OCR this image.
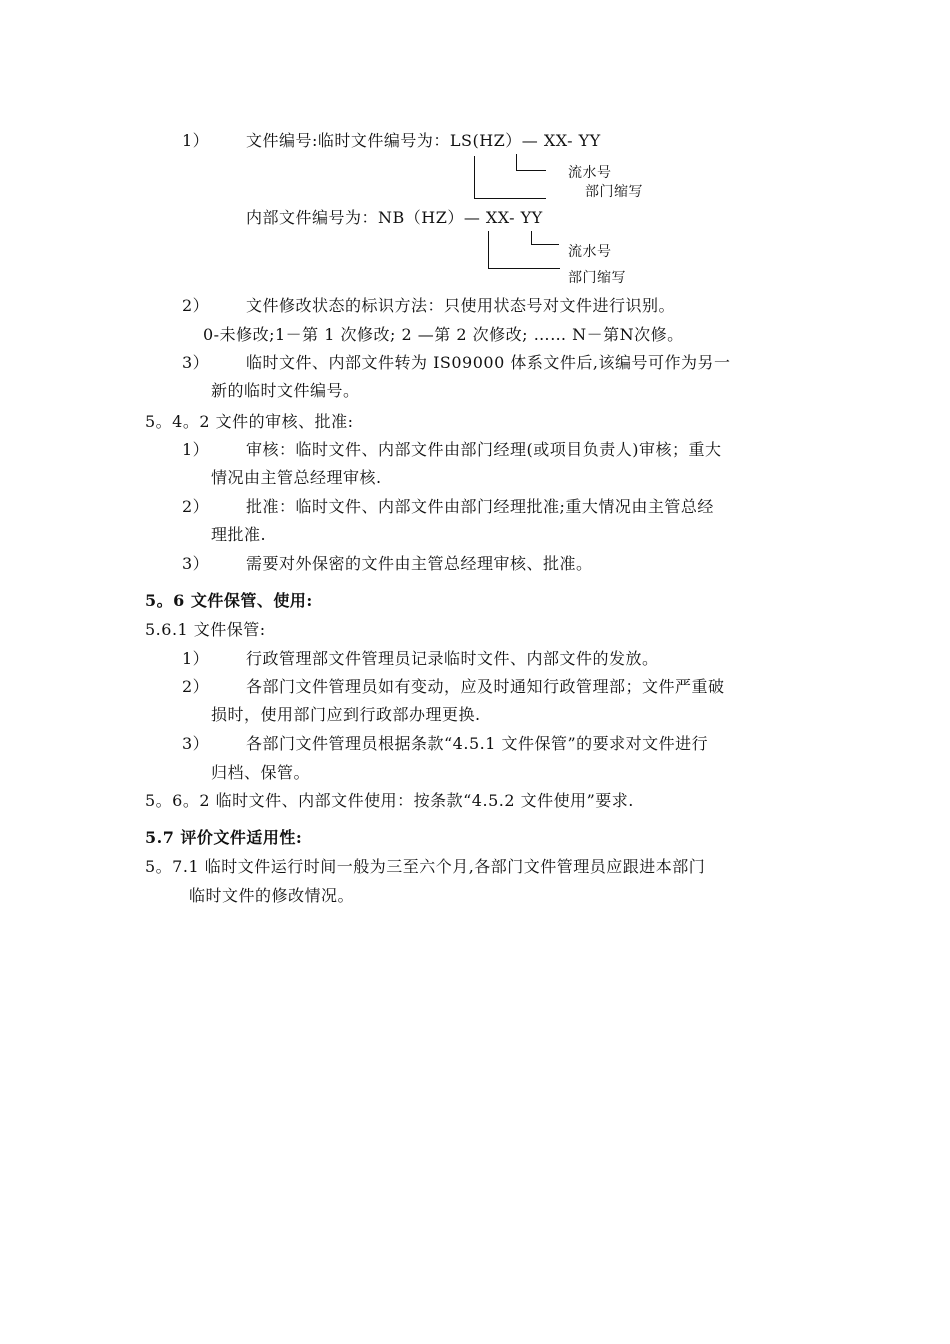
1） 文件编号:临时文件编号为：LS(HZ）— XX- YY
流水号
部门缩写
内部文件编号为：NB（HZ）— XX- YY
流水号
部门缩写
2） 文件修改状态的标识方法：只使用状态号对文件进行识别。
0-未修改;1－第 1 次修改; 2 —第 2 次修改; …… N－第N次修。
3） 临时文件、内部文件转为 IS09000 体系文件后,该编号可作为另一
新的临时文件编号。
5。4。2 文件的审核、批准:
1） 审核：临时文件、内部文件由部门经理(或项目负责人)审核；重大
情况由主管总经理审核.
2） 批准：临时文件、内部文件由部门经理批准;重大情况由主管总经
理批准.
3） 需要对外保密的文件由主管总经理审核、批准。
5。6 文件保管、使用:
5.6.1 文件保管:
1） 行政管理部文件管理员记录临时文件、内部文件的发放。
2） 各部门文件管理员如有变动，应及时通知行政管理部；文件严重破
损时，使用部门应到行政部办理更换.
3） 各部门文件管理员根据条款“4.5.1 文件保管”的要求对文件进行
归档、保管。
5。6。2 临时文件、内部文件使用：按条款“4.5.2 文件使用”要求.
5.7 评价文件适用性:
5。7.1 临时文件运行时间一般为三至六个月,各部门文件管理员应跟进本部门
临时文件的修改情况。
